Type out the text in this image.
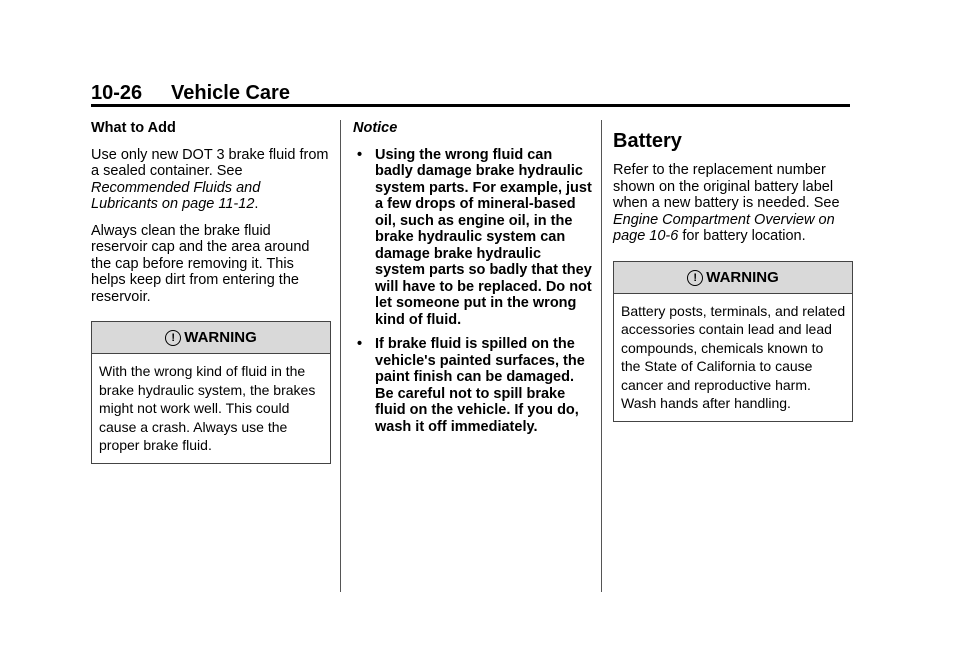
10-26 Vehicle Care

What to Add

Use only new DOT 3 brake fluid from a sealed container. See Recommended Fluids and Lubricants on page 11-12.

Always clean the brake fluid reservoir cap and the area around the cap before removing it. This helps keep dirt from entering the reservoir.

! WARNING
With the wrong kind of fluid in the brake hydraulic system, the brakes might not work well. This could cause a crash. Always use the proper brake fluid.
Notice
• Using the wrong fluid can badly damage brake hydraulic system parts. For example, just a few drops of mineral-based oil, such as engine oil, in the brake hydraulic system can damage brake hydraulic system parts so badly that they will have to be replaced. Do not let someone put in the wrong kind of fluid.
• If brake fluid is spilled on the vehicle's painted surfaces, the paint finish can be damaged. Be careful not to spill brake fluid on the vehicle. If you do, wash it off immediately.
Battery

Refer to the replacement number shown on the original battery label when a new battery is needed. See Engine Compartment Overview on page 10-6 for battery location.

! WARNING
Battery posts, terminals, and related accessories contain lead and lead compounds, chemicals known to the State of California to cause cancer and reproductive harm. Wash hands after handling.
